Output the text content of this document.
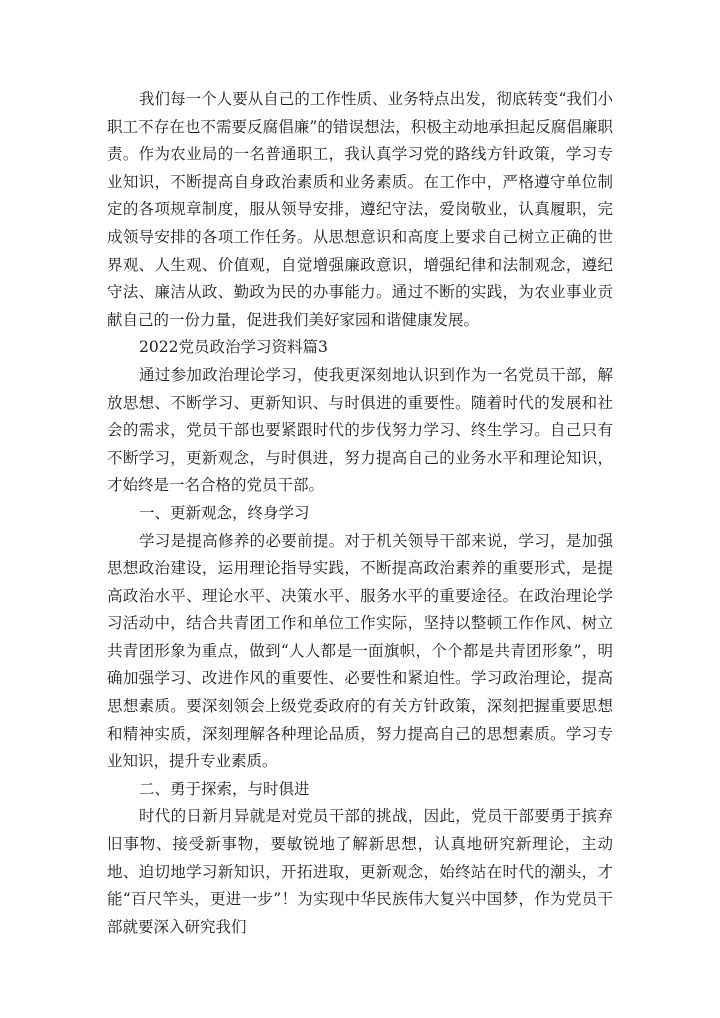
我们每一个人要从自己的工作性质、业务特点出发，彻底转变“我们小职工不存在也不需要反腐倡廉”的错误想法，积极主动地承担起反腐倡廉职责。作为农业局的一名普通职工，我认真学习党的路线方针政策，学习专业知识，不断提高自身政治素质和业务素质。在工作中，严格遵守单位制定的各项规章制度，服从领导安排，遵纪守法，爱岗敬业，认真履职，完成领导安排的各项工作任务。从思想意识和高度上要求自己树立正确的世界观、人生观、价值观，自觉增强廉政意识，增强纪律和法制观念，遵纪守法、廉洁从政、勤政为民的办事能力。通过不断的实践，为农业事业贡献自己的一份力量，促进我们美好家园和谐健康发展。

2022党员政治学习资料篇3

通过参加政治理论学习，使我更深刻地认识到作为一名党员干部，解放思想、不断学习、更新知识、与时俱进的重要性。随着时代的发展和社会的需求，党员干部也要紧跟时代的步伐努力学习、终生学习。自己只有不断学习，更新观念，与时俱进，努力提高自己的业务水平和理论知识，才始终是一名合格的党员干部。

一、更新观念，终身学习

学习是提高修养的必要前提。对于机关领导干部来说，学习，是加强思想政治建设，运用理论指导实践，不断提高政治素养的重要形式，是提高政治水平、理论水平、决策水平、服务水平的重要途径。在政治理论学习活动中，结合共青团工作和单位工作实际，坚持以整顿工作作风、树立共青团形象为重点，做到“人人都是一面旗帜，个个都是共青团形象”，明确加强学习、改进作风的重要性、必要性和紧迫性。学习政治理论，提高思想素质。要深刻领会上级党委政府的有关方针政策，深刻把握重要思想和精神实质，深刻理解各种理论品质，努力提高自己的思想素质。学习专业知识，提升专业素质。

二、勇于探索，与时俱进

时代的日新月异就是对党员干部的挑战，因此，党员干部要勇于摈弃旧事物、接受新事物，要敏锐地了解新思想，认真地研究新理论，主动地、迫切地学习新知识，开拓进取，更新观念，始终站在时代的潮头，才能“百尺竿头，更进一步”！为实现中华民族伟大复兴中国梦，作为党员干部就要深入研究我们
